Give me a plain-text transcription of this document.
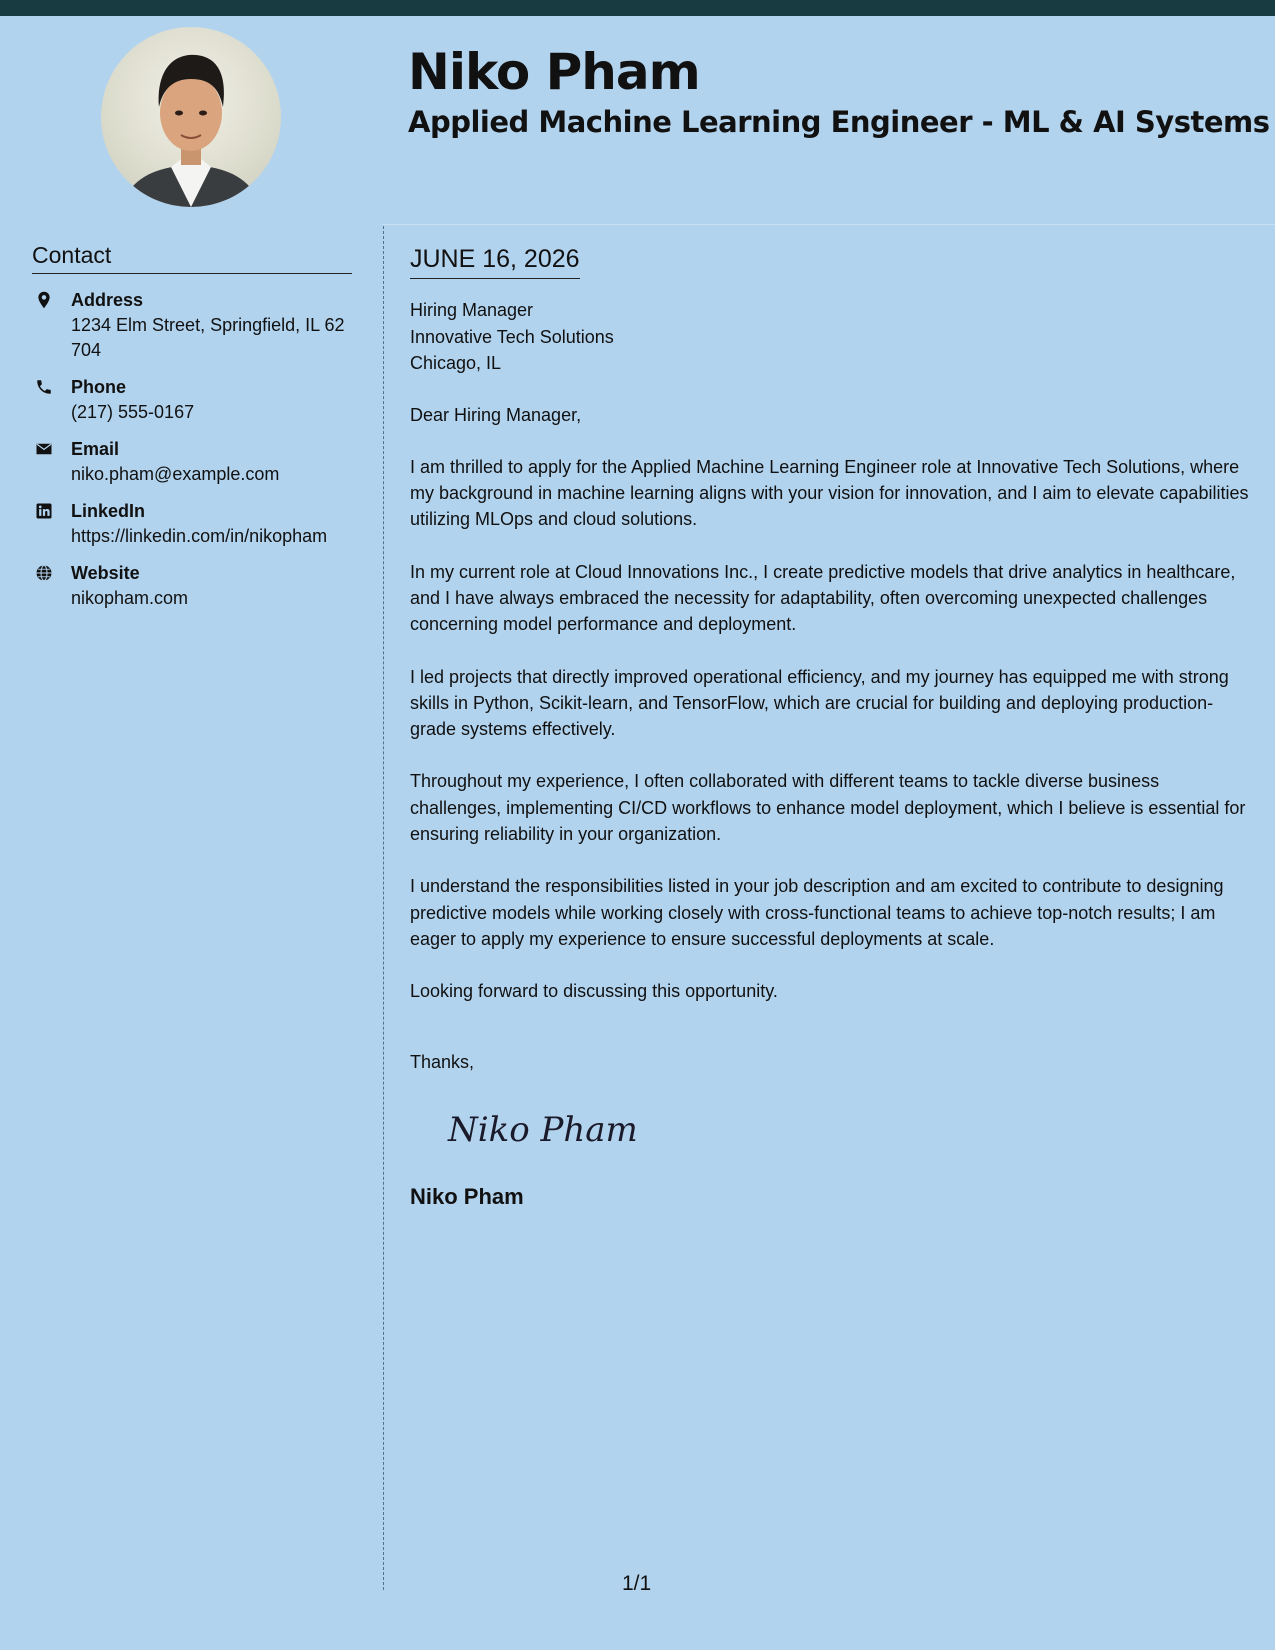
Niko Pham
Applied Machine Learning Engineer - ML & AI Systems
Contact
Address
1234 Elm Street, Springfield, IL 62704
Phone
(217) 555-0167
Email
niko.pham@example.com
LinkedIn
https://linkedin.com/in/nikopham
Website
nikopham.com
JUNE 16, 2026
Hiring Manager
Innovative Tech Solutions
Chicago, IL

Dear Hiring Manager,

I am thrilled to apply for the Applied Machine Learning Engineer role at Innovative Tech Solutions, where my background in machine learning aligns with your vision for innovation, and I aim to elevate capabilities utilizing MLOps and cloud solutions.

In my current role at Cloud Innovations Inc., I create predictive models that drive analytics in healthcare, and I have always embraced the necessity for adaptability, often overcoming unexpected challenges concerning model performance and deployment.

I led projects that directly improved operational efficiency, and my journey has equipped me with strong skills in Python, Scikit-learn, and TensorFlow, which are crucial for building and deploying production-grade systems effectively.

Throughout my experience, I often collaborated with different teams to tackle diverse business challenges, implementing CI/CD workflows to enhance model deployment, which I believe is essential for ensuring reliability in your organization.

I understand the responsibilities listed in your job description and am excited to contribute to designing predictive models while working closely with cross-functional teams to achieve top-notch results; I am eager to apply my experience to ensure successful deployments at scale.

Looking forward to discussing this opportunity.

Thanks,
Niko Pham
Niko Pham
1/1
